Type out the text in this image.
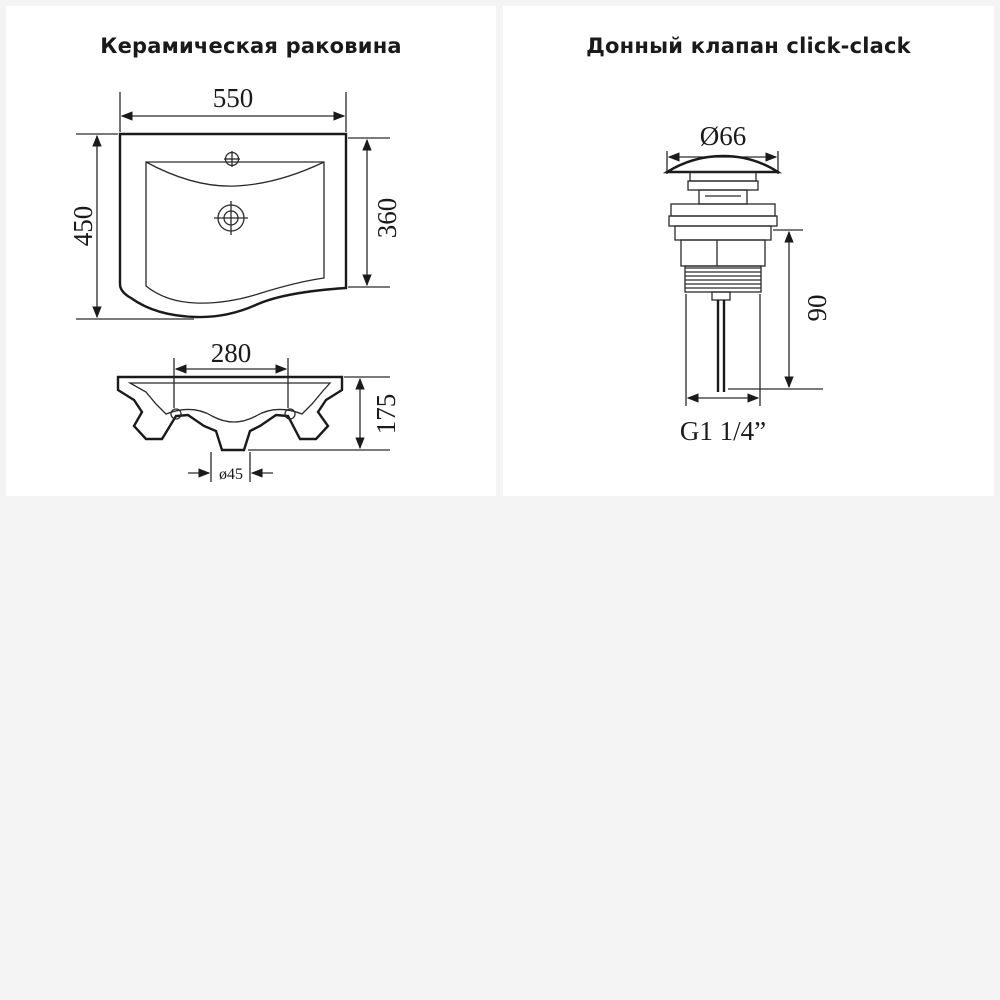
Керамическая раковина
550
450	360
280
175
ø45
Донный клапан click-clack
Ø66
90
G1 1/4”
